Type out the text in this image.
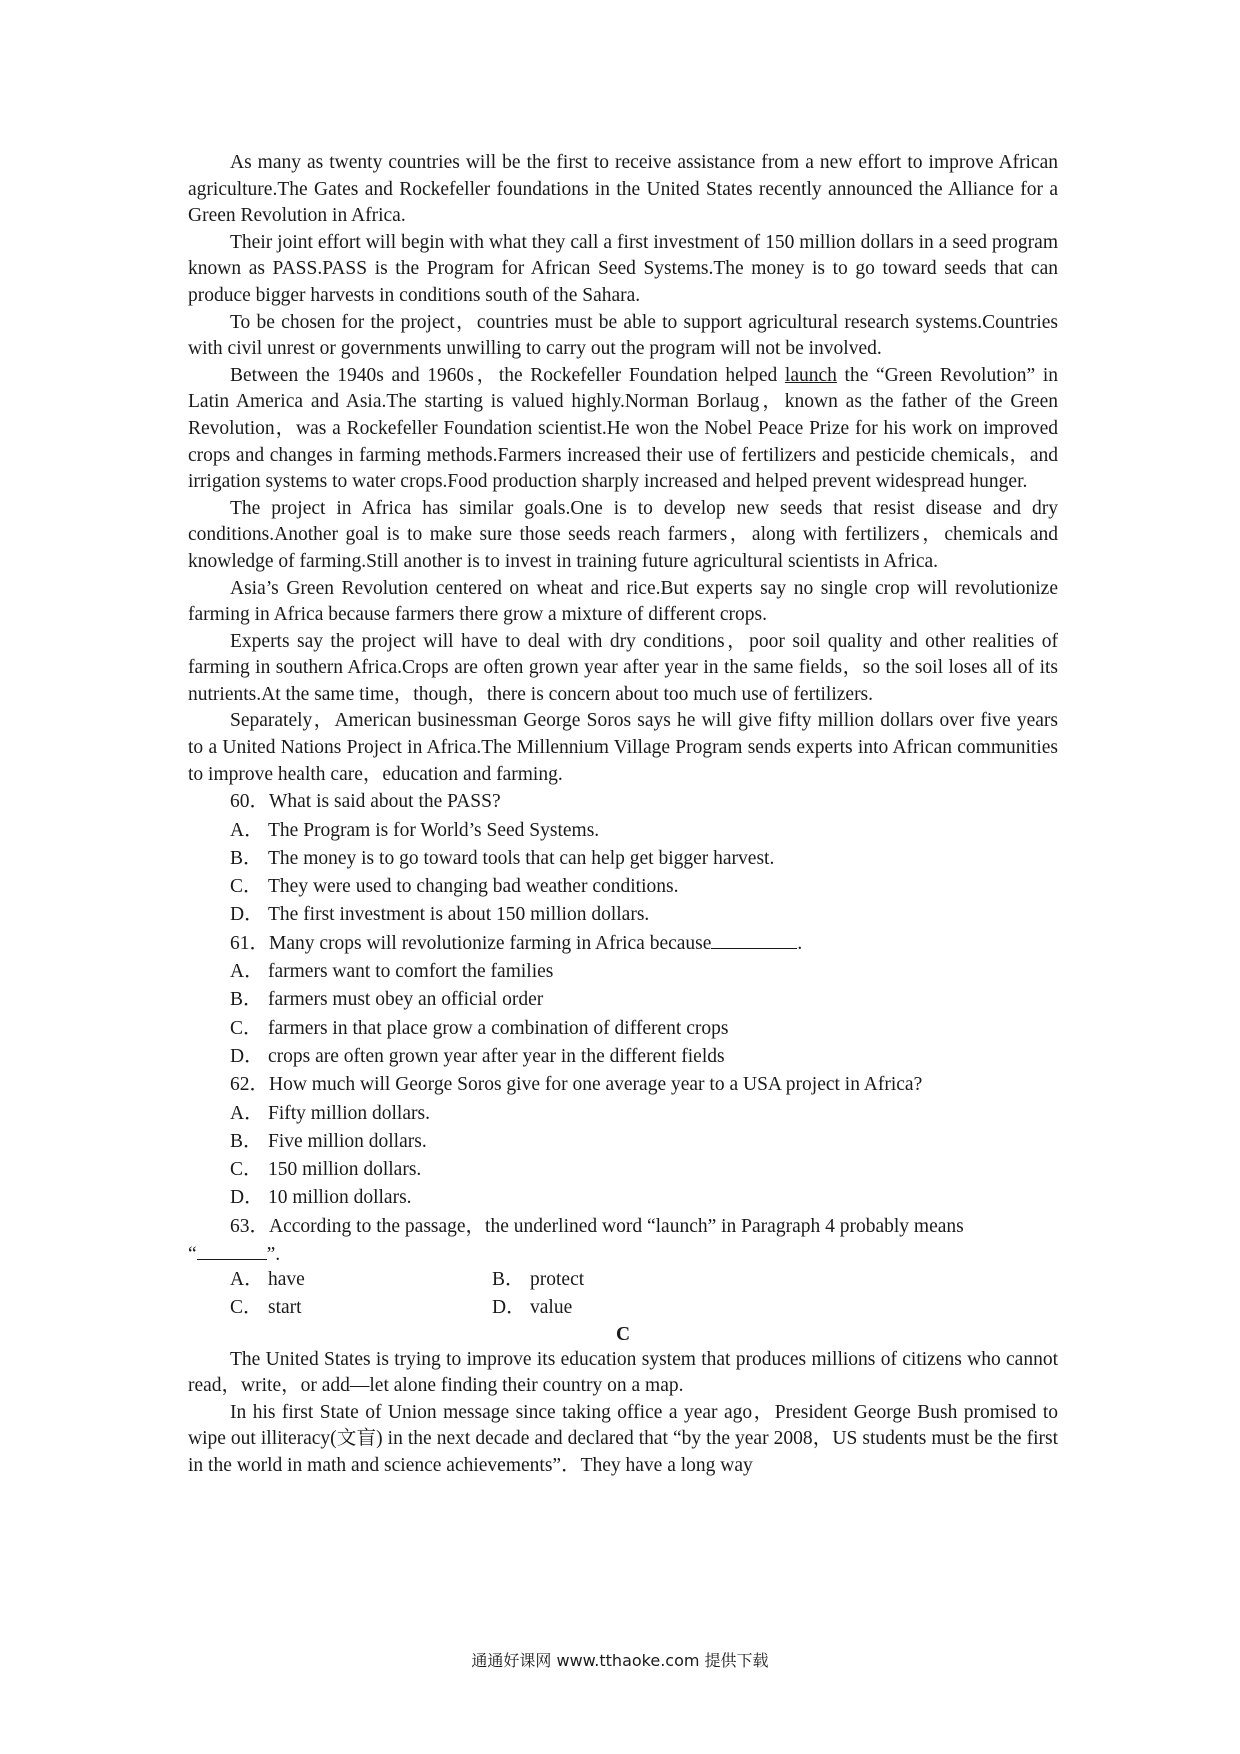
As many as twenty countries will be the first to receive assistance from a new effort to improve African agriculture.The Gates and Rockefeller foundations in the United States recently announced the Alliance for a Green Revolution in Africa.

Their joint effort will begin with what they call a first investment of 150 million dollars in a seed program known as PASS.PASS is the Program for African Seed Systems.The money is to go toward seeds that can produce bigger harvests in conditions south of the Sahara.

To be chosen for the project，countries must be able to support agricultural research systems.Countries with civil unrest or governments unwilling to carry out the program will not be involved.

Between the 1940s and 1960s，the Rockefeller Foundation helped launch the “Green Revolution” in Latin America and Asia.The starting is valued highly.Norman Borlaug，known as the father of the Green Revolution，was a Rockefeller Foundation scientist.He won the Nobel Peace Prize for his work on improved crops and changes in farming methods.Farmers increased their use of fertilizers and pesticide chemicals，and irrigation systems to water crops.Food production sharply increased and helped prevent widespread hunger.

The project in Africa has similar goals.One is to develop new seeds that resist disease and dry conditions.Another goal is to make sure those seeds reach farmers，along with fertilizers，chemicals and knowledge of farming.Still another is to invest in training future agricultural scientists in Africa.

Asia’s Green Revolution centered on wheat and rice.But experts say no single crop will revolutionize farming in Africa because farmers there grow a mixture of different crops.

Experts say the project will have to deal with dry conditions，poor soil quality and other realities of farming in southern Africa.Crops are often grown year after year in the same fields，so the soil loses all of its nutrients.At the same time，though，there is concern about too much use of fertilizers.

Separately，American businessman George Soros says he will give fifty million dollars over five years to a United Nations Project in Africa.The Millennium Village Program sends experts into African communities to improve health care，education and farming.

60．What is said about the PASS?

A． The Program is for World’s Seed Systems.

B． The money is to go toward tools that can help get bigger harvest.

C． They were used to changing bad weather conditions.

D． The first investment is about 150 million dollars.

61．Many crops will revolutionize farming in Africa because	.

A． farmers want to comfort the families

B． farmers must obey an official order

C． farmers in that place grow a combination of different crops

D． crops are often grown year after year in the different fields

62．How much will George Soros give for one average year to a USA project in Africa?

A． Fifty million dollars.

B． Five million dollars.

C． 150 million dollars.

D． 10 million dollars.

63．According to the passage，the underlined word “launch” in Paragraph 4 probably means

“	”.

A． have	B． protect

C． start	D． value

C

The United States is trying to improve its education system that produces millions of citizens who cannot read，write，or add—let alone finding their country on a map.

In his first State of Union message since taking office a year ago，President George Bush promised to wipe out illiteracy(文盲) in the next decade and declared that “by the year 2008，US students must be the first in the world in math and science achievements”．They have a long way

通通好课网 www.tthaoke.com 提供下载
